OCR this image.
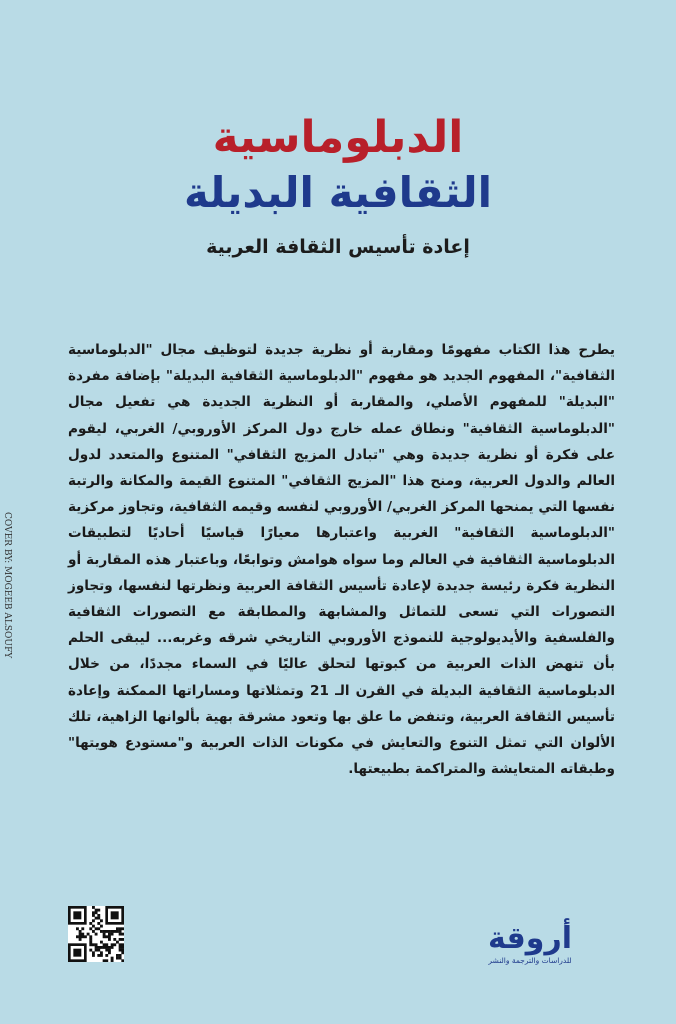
الدبلوماسية
الثقافية البديلة
إعادة تأسيس الثقافة العربية
يطرح هذا الكتاب مفهومًا ومقاربة أو نظرية جديدة لتوظيف مجال "الدبلوماسية الثقافية"، المفهوم الجديد هو مفهوم "الدبلوماسية الثقافية البديلة" بإضافة مفردة "البديلة" للمفهوم الأصلي، والمقاربة أو النظرية الجديدة هي تفعيل مجال "الدبلوماسية الثقافية" ونطاق عمله خارج دول المركز الأوروبي/ الغربي، ليقوم على فكرة أو نظرية جديدة وهي "تبادل المزيج الثقافي" المتنوع والمتعدد لدول العالم والدول العربية، ومنح هذا "المزيج الثقافي" المتنوع القيمة والمكانة والرتبة نفسها التي يمنحها المركز الغربي/ الأوروبي لنفسه وقيمه الثقافية، وتجاوز مركزية "الدبلوماسية الثقافية" الغربية واعتبارها معيارًا قياسيًا أحاديًا لتطبيقات الدبلوماسية الثقافية في العالم وما سواه هوامش وتوابعًا، وباعتبار هذه المقاربة أو النظرية فكرة رئيسة جديدة لإعادة تأسيس الثقافة العربية ونظرتها لنفسها، وتجاوز التصورات التي تسعى للتماثل والمشابهة والمطابقة مع التصورات الثقافية والفلسفية والأيديولوجية للنموذج الأوروبي التاريخي شرقه وغربه... ليبقى الحلم بأن تنهض الذات العربية من كبوتها لتحلق عاليًا في السماء مجددًا، من خلال الدبلوماسية الثقافية البديلة في القرن الـ 21 وتمثلاتها ومساراتها الممكنة وإعادة تأسيس الثقافة العربية، وتنفض ما علق بها وتعود مشرقة بهية بألوانها الزاهية، تلك الألوان التي تمثل التنوع والتعايش في مكونات الذات العربية و"مستودع هويتها" وطبقاته المتعايشة والمتراكمة بطبيعتها.
COVER BY: MOGEEB ALSOUFY
أروقة
للدراسات والترجمة والنشر
